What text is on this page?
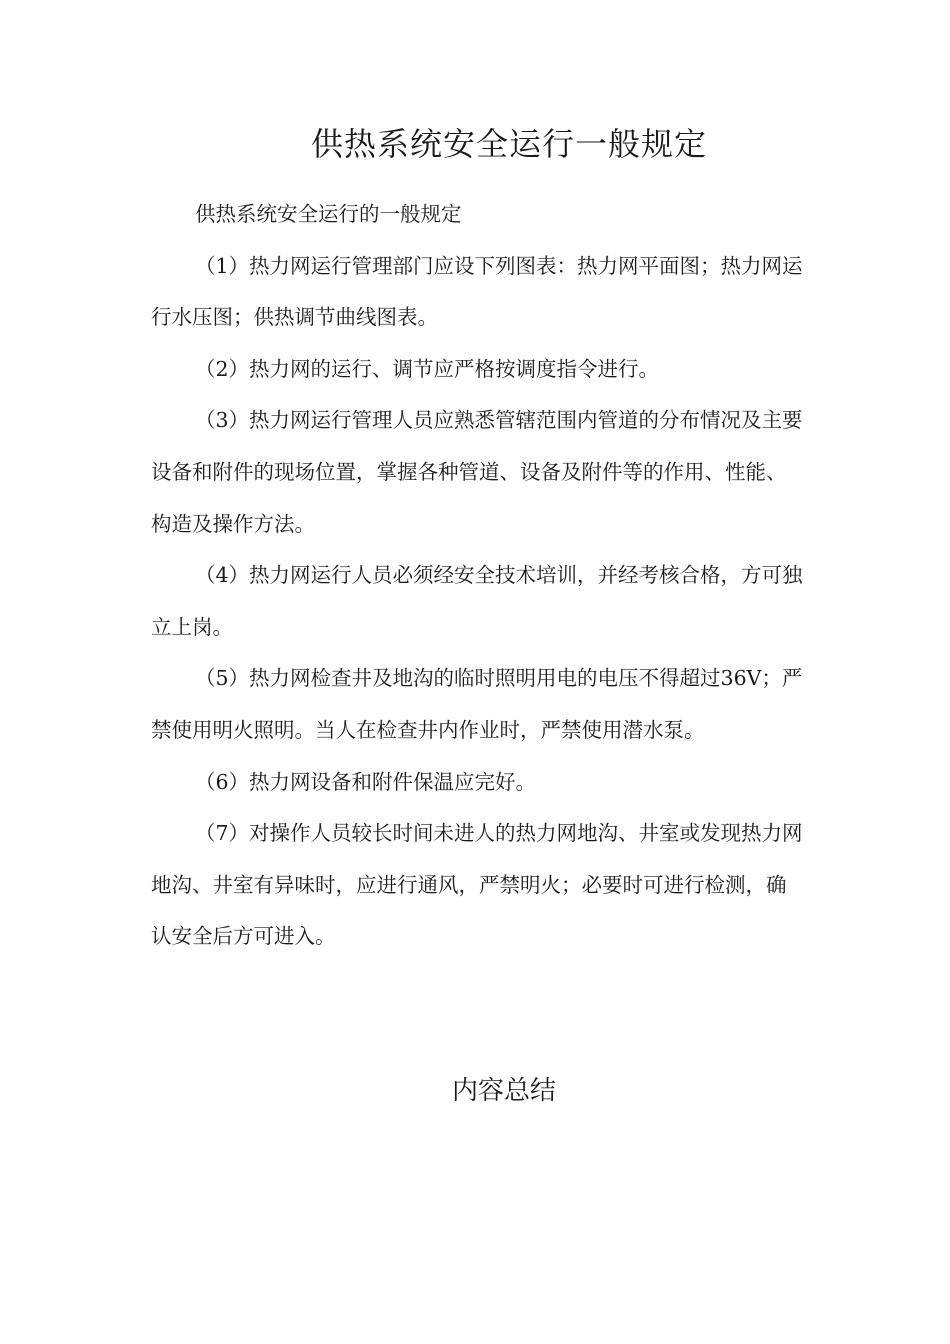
供热系统安全运行一般规定

供热系统安全运行的一般规定

（1）热力网运行管理部门应设下列图表：热力网平面图；热力网运行水压图；供热调节曲线图表。

（2）热力网的运行、调节应严格按调度指令进行。

（3）热力网运行管理人员应熟悉管辖范围内管道的分布情况及主要设备和附件的现场位置，掌握各种管道、设备及附件等的作用、性能、构造及操作方法。

（4）热力网运行人员必须经安全技术培训，并经考核合格，方可独立上岗。

（5）热力网检查井及地沟的临时照明用电的电压不得超过36V；严禁使用明火照明。当人在检查井内作业时，严禁使用潜水泵。

（6）热力网设备和附件保温应完好。

（7）对操作人员较长时间未进人的热力网地沟、井室或发现热力网地沟、井室有异味时，应进行通风，严禁明火；必要时可进行检测，确认安全后方可进入。

内容总结
